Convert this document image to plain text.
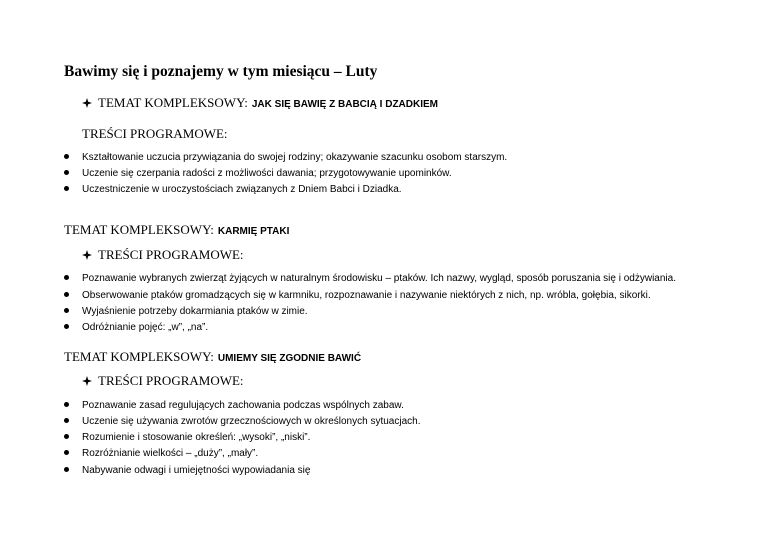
Bawimy się i poznajemy w tym miesiącu – Luty
TEMAT KOMPLEKSOWY: JAK SIĘ BAWIĘ Z BABCIĄ I DZADKIEM
TREŚCI PROGRAMOWE:
Kształtowanie uczucia przywiązania do swojej rodziny; okazywanie szacunku osobom starszym.
Uczenie się czerpania radości z możliwości dawania; przygotowywanie upominków.
Uczestniczenie w uroczystościach związanych z Dniem Babci i Dziadka.
TEMAT KOMPLEKSOWY: KARMIĘ PTAKI
TREŚCI PROGRAMOWE:
Poznawanie wybranych zwierząt żyjących w naturalnym środowisku – ptaków. Ich nazwy, wygląd, sposób poruszania się i odżywiania.
Obserwowanie ptaków gromadzących się w karmniku, rozpoznawanie i nazywanie niektórych z nich, np. wróbla, gołębia, sikorki.
Wyjaśnienie potrzeby dokarmiania ptaków w zimie.
Odróżnianie pojęć: „w”, „na”.
TEMAT KOMPLEKSOWY: UMIEMY SIĘ ZGODNIE BAWIĆ
TREŚCI PROGRAMOWE:
Poznawanie zasad regulujących zachowania podczas wspólnych zabaw.
Uczenie się używania zwrotów grzecznościowych w określonych sytuacjach.
Rozumienie i stosowanie określeń: „wysoki”, „niski”.
Rozróżnianie wielkości – „duży”, „mały”.
Nabywanie odwagi i umiejętności wypowiadania się
